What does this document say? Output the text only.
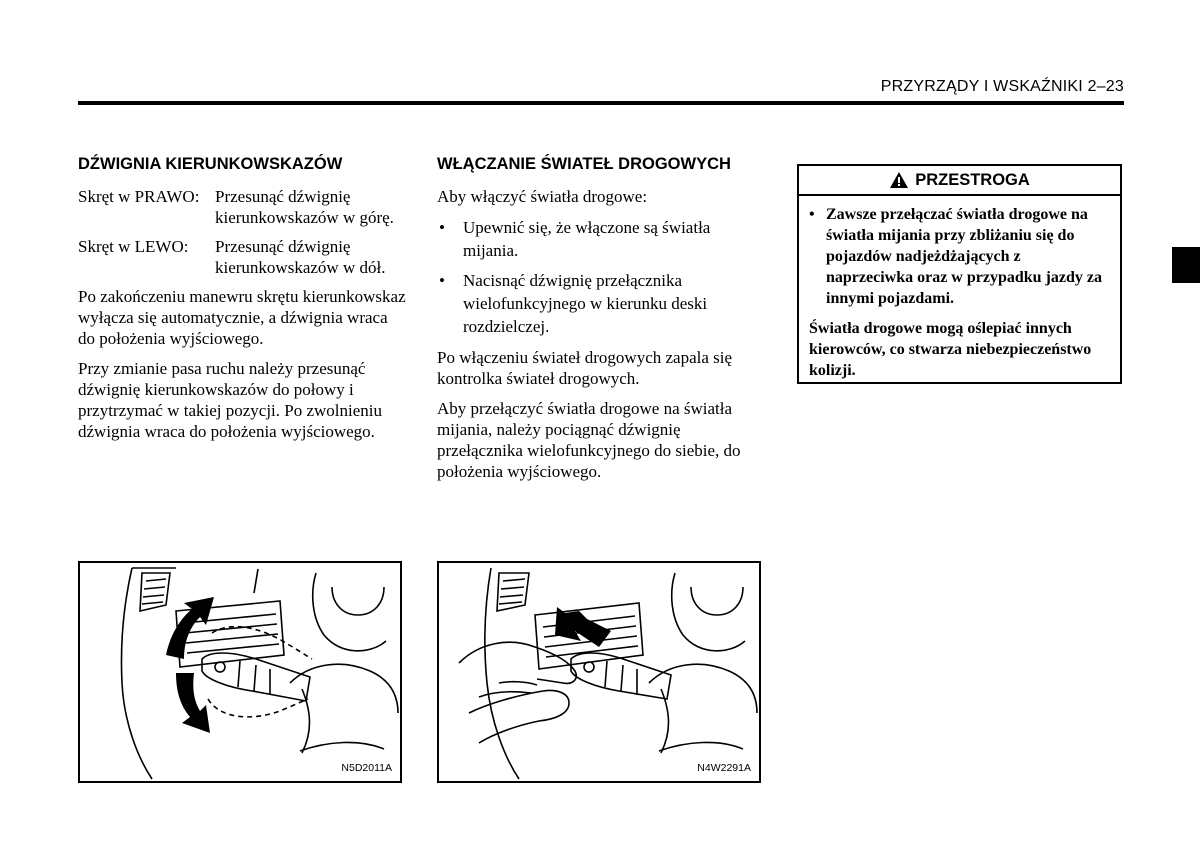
PRZYRZĄDY I WSKAŹNIKI 2–23
DŹWIGNIA KIERUNKOWSKAZÓW
Skręt w PRAWO: Przesunąć dźwignię kierunkowskazów w górę.
Skręt w LEWO:	Przesunąć dźwignię kierunkowskazów w dół.

Po zakończeniu manewru skrętu kierunkowskaz wyłącza się automatycznie, a dźwignia wraca do położenia wyjściowego.

Przy zmianie pasa ruchu należy przesunąć dźwignię kierunkowskazów do połowy i przytrzymać w takiej pozycji. Po zwolnieniu dźwignia wraca do położenia wyjściowego.

WŁĄCZANIE ŚWIATEŁ DROGOWYCH

Aby włączyć światła drogowe:

• Upewnić się, że włączone są światła mijania.
• Nacisnąć dźwignię przełącznika wielofunkcyjnego w kierunku deski rozdzielczej.

Po włączeniu świateł drogowych zapala się kontrolka świateł drogowych.

Aby przełączyć światła drogowe na światła mijania, należy pociągnąć dźwignię przełącznika wielofunkcyjnego do siebie, do położenia wyjściowego.

PRZESTROGA
• Zawsze przełączać światła drogowe na światła mijania przy zbliżaniu się do pojazdów nadjeżdżających z naprzeciwka oraz w przypadku jazdy za innymi pojazdami.
Światła drogowe mogą oślepiać innych kierowców, co stwarza niebezpieczeństwo kolizji.
N5D2011A	N4W2291A
